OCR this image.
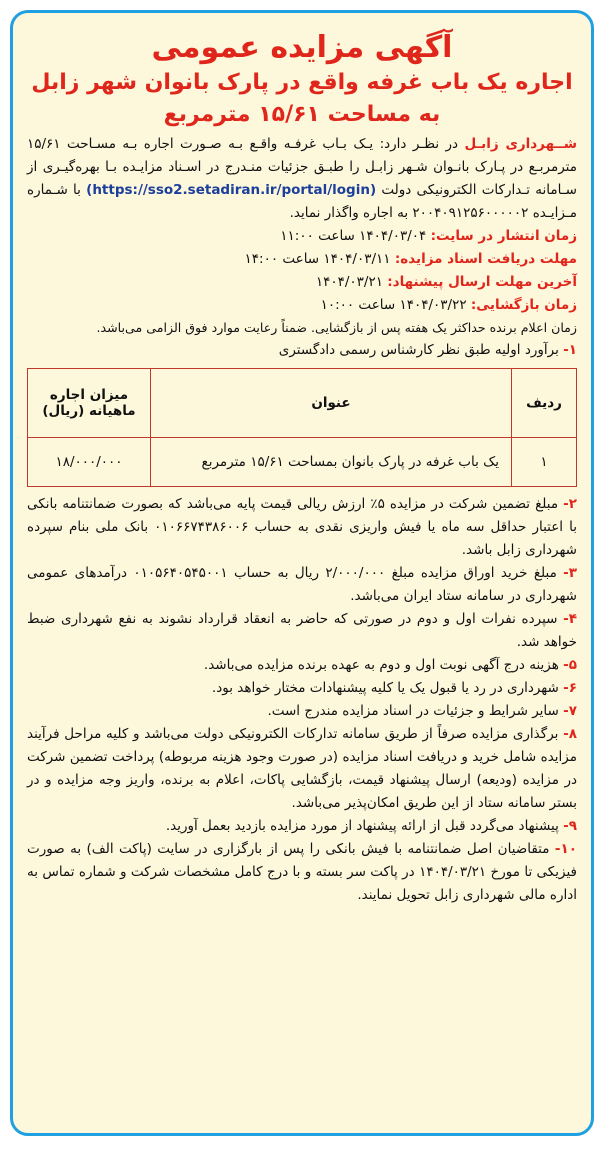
آگهی مزایده عمومی

اجاره یک باب غرفه واقع در پارک بانوان شهر زابل

به مساحت ۱۵/۶۱ مترمربع

شــهرداری زابـل در نظـر دارد: یـک بـاب غرفـه واقـع بـه صـورت اجاره بـه مسـاحت ۱۵/۶۱ مترمربـع در پـارک بانـوان شـهر زابـل را طبـق جزئیات منـدرج در اسـناد مزایـده بـا بهره‌گیـری از سـامانه تـدارکات الکترونیکی دولت (https://sso2.setadiran.ir/portal/login) با شـماره مـزایـده ۲۰۰۴۰۹۱۲۵۶۰۰۰۰۰۲ به اجاره واگذار نماید.

زمان انتشار در سایت: ۱۴۰۴/۰۳/۰۴ ساعت ۱۱:۰۰

مهلت دریافت اسناد مزایده: ۱۴۰۴/۰۳/۱۱ ساعت ۱۴:۰۰

آخرین مهلت ارسال پیشنهاد: ۱۴۰۴/۰۳/۲۱

زمان بازگشایی: ۱۴۰۴/۰۳/۲۲ ساعت ۱۰:۰۰

زمان اعلام برنده حداکثر یک هفته پس از بازگشایی. ضمناً رعایت موارد فوق الزامی می‌باشد.

۱- برآورد اولیه طبق نظر کارشناس رسمی دادگستری

ردیف	عنوان	میزان اجاره ماهیانه (ریال)
۱	یک باب غرفه در پارک بانوان بمساحت ۱۵/۶۱ مترمربع	۱۸/۰۰۰/۰۰۰

۲- مبلغ تضمین شرکت در مزایده ۵٪ ارزش ریالی قیمت پایه می‌باشد که بصورت ضمانتنامه بانکی با اعتبار حداقل سه ماه یا فیش واریزی نقدی به حساب ۰۱۰۶۶۷۴۳۸۶۰۰۶ بانک ملی بنام سپرده شهرداری زابل باشد.

۳- مبلغ خرید اوراق مزایده مبلغ ۲/۰۰۰/۰۰۰ ریال به حساب ۰۱۰۵۶۴۰۵۴۵۰۰۱ درآمدهای عمومی شهرداری در سامانه ستاد ایران می‌باشد.

۴- سپرده نفرات اول و دوم در صورتی که حاضر به انعقاد قرارداد نشوند به نفع شهرداری ضبط خواهد شد.

۵- هزینه درج آگهی نوبت اول و دوم به عهده برنده مزایده می‌باشد.

۶- شهرداری در رد یا قبول یک یا کلیه پیشنهادات مختار خواهد بود.

۷- سایر شرایط و جزئیات در اسناد مزایده مندرج است.

۸- برگذاری مزایده صرفاً از طریق سامانه تدارکات الکترونیکی دولت می‌باشد و کلیه مراحل فرآیند مزایده شامل خرید و دریافت اسناد مزایده (در صورت وجود هزینه مربوطه) پرداخت تضمین شرکت در مزایده (ودیعه) ارسال پیشنهاد قیمت، بازگشایی پاکات، اعلام به برنده، واریز وجه مزایده و در بستر سامانه ستاد از این طریق امکان‌پذیر می‌باشد.

۹- پیشنهاد می‌گردد قبل از ارائه پیشنهاد از مورد مزایده بازدید بعمل آورید.

۱۰- متقاضیان اصل ضمانتنامه با فیش بانکی را پس از بارگزاری در سایت (پاکت الف) به صورت فیزیکی تا مورخ ۱۴۰۴/۰۳/۲۱ در پاکت سر بسته و با درج کامل مشخصات شرکت و شماره تماس به اداره مالی شهرداری زابل تحویل نمایند.
